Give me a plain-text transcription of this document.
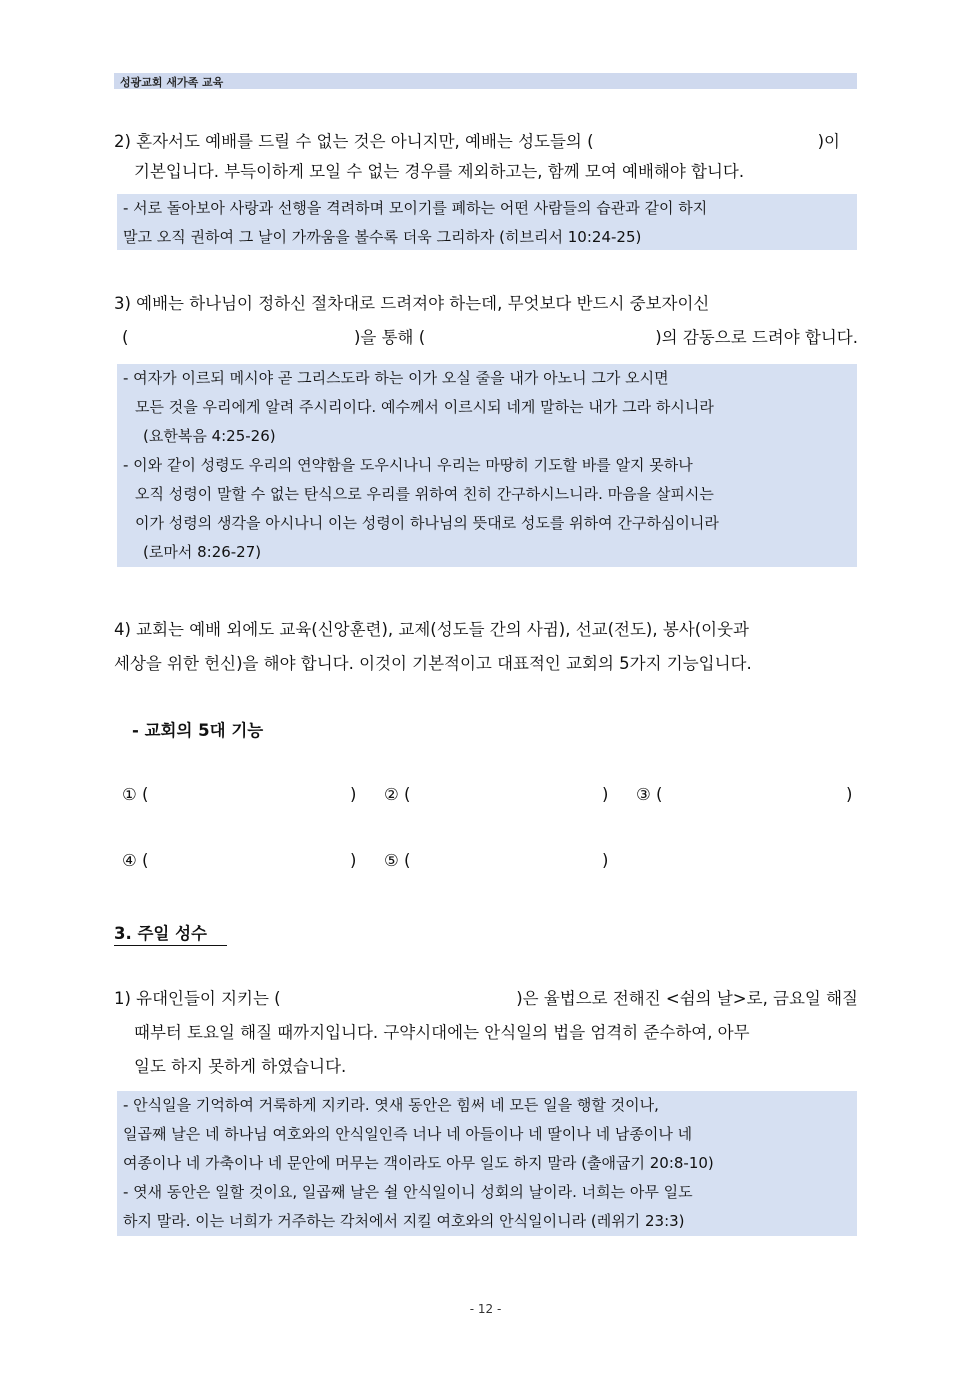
성광교회 새가족 교육
2) 혼자서도 예배를 드릴 수 없는 것은 아니지만, 예배는 성도들의 (	)이
기본입니다. 부득이하게 모일 수 없는 경우를 제외하고는, 함께 모여 예배해야 합니다.
- 서로 돌아보아 사랑과 선행을 격려하며 모이기를 폐하는 어떤 사람들의 습관과 같이 하지
말고 오직 권하여 그 날이 가까움을 볼수록 더욱 그리하자 (히브리서 10:24-25)
3) 예배는 하나님이 정하신 절차대로 드려져야 하는데, 무엇보다 반드시 중보자이신
(	)을 통해 (	)의 감동으로 드려야 합니다.
- 여자가 이르되 메시야 곧 그리스도라 하는 이가 오실 줄을 내가 아노니 그가 오시면
모든 것을 우리에게 알려 주시리이다. 예수께서 이르시되 네게 말하는 내가 그라 하시니라
(요한복음 4:25-26)
- 이와 같이 성령도 우리의 연약함을 도우시나니 우리는 마땅히 기도할 바를 알지 못하나
오직 성령이 말할 수 없는 탄식으로 우리를 위하여 친히 간구하시느니라. 마음을 살피시는
이가 성령의 생각을 아시나니 이는 성령이 하나님의 뜻대로 성도를 위하여 간구하심이니라
(로마서 8:26-27)
4) 교회는 예배 외에도 교육(신앙훈련), 교제(성도들 간의 사귐), 선교(전도), 봉사(이웃과
세상을 위한 헌신)을 해야 합니다. 이것이 기본적이고 대표적인 교회의 5가지 기능입니다.
- 교회의 5대 기능
① (	) ② (	) ③ (	)
④ (	) ⑤ (	)
3. 주일 성수
1) 유대인들이 지키는 (	)은 율법으로 전해진 <쉼의 날>로, 금요일 해질
때부터 토요일 해질 때까지입니다. 구약시대에는 안식일의 법을 엄격히 준수하여, 아무
일도 하지 못하게 하였습니다.
- 안식일을 기억하여 거룩하게 지키라. 엿새 동안은 힘써 네 모든 일을 행할 것이나,
일곱째 날은 네 하나님 여호와의 안식일인즉 너나 네 아들이나 네 딸이나 네 남종이나 네
여종이나 네 가축이나 네 문안에 머무는 객이라도 아무 일도 하지 말라 (출애굽기 20:8-10)
- 엿새 동안은 일할 것이요, 일곱째 날은 쉴 안식일이니 성회의 날이라. 너희는 아무 일도
하지 말라. 이는 너희가 거주하는 각처에서 지킬 여호와의 안식일이니라 (레위기 23:3)
- 12 -
